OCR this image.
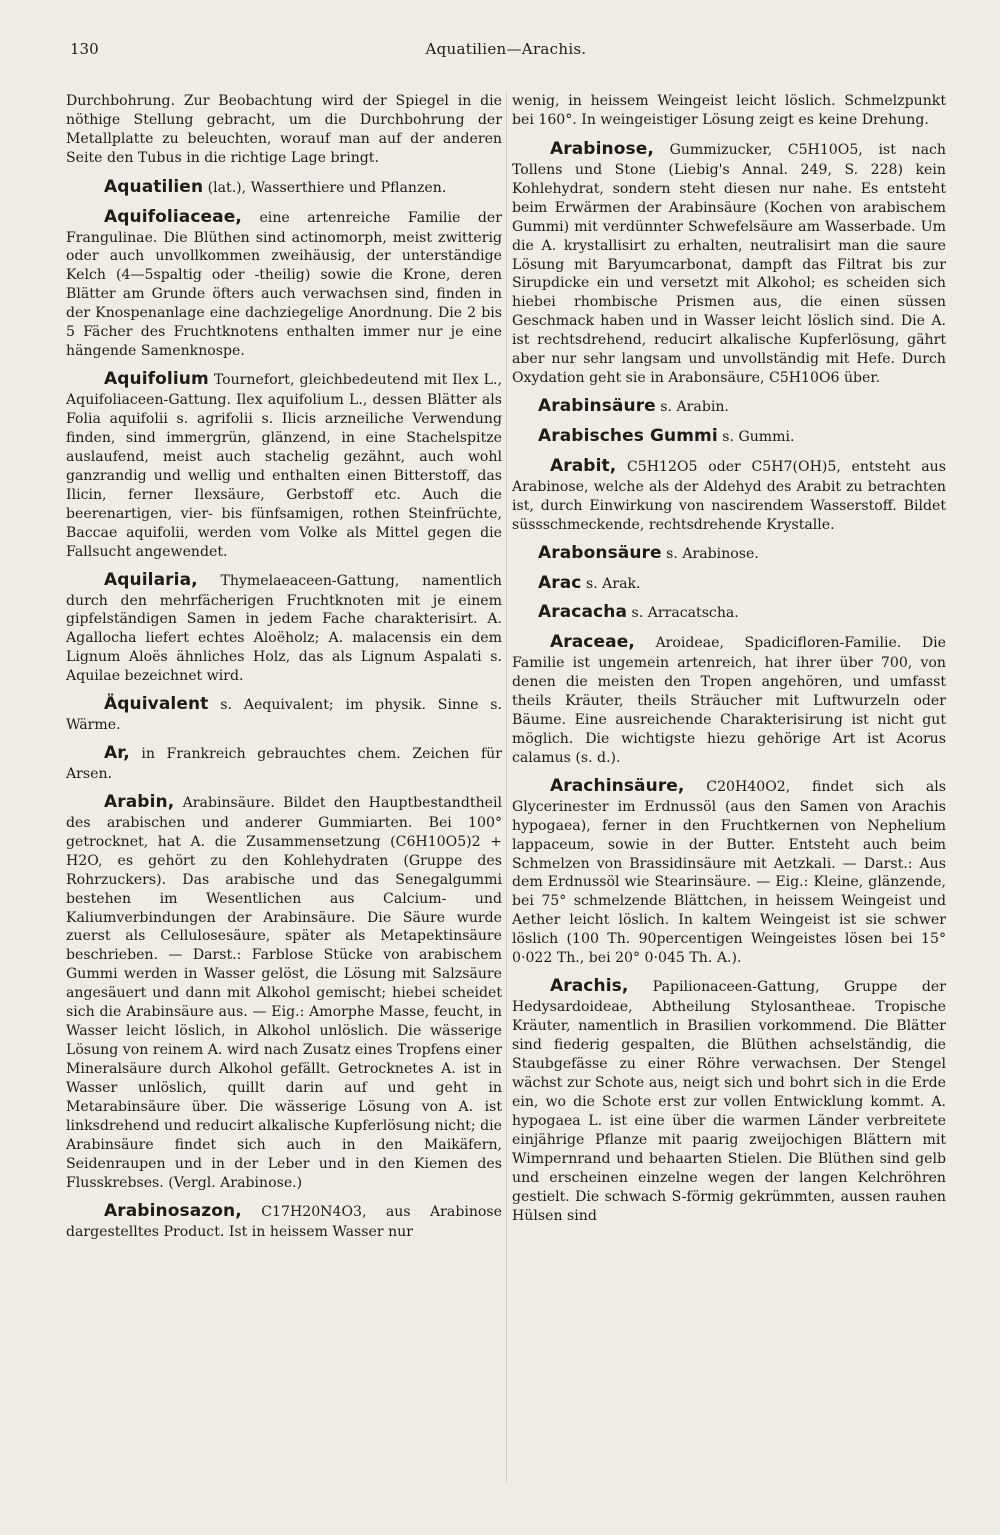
130	Aquatilien—Arachis.

Durchbohrung. Zur Beobachtung wird der Spiegel in die nöthige Stellung gebracht, um die Durchbohrung der Metallplatte zu beleuchten, worauf man auf der anderen Seite den Tubus in die richtige Lage bringt.

Aquatilien (lat.), Wasserthiere und Pflanzen.

Aquifoliaceae, eine artenreiche Familie der Frangulinae. Die Blüthen sind actinomorph, meist zwitterig oder auch unvollkommen zweihäusig, der unterständige Kelch (4—5spaltig oder -theilig) sowie die Krone, deren Blätter am Grunde öfters auch verwachsen sind, finden in der Knospenanlage eine dachziegelige Anordnung. Die 2 bis 5 Fächer des Fruchtknotens enthalten immer nur je eine hängende Samenknospe.

Aquifolium Tournefort, gleichbedeutend mit Ilex L., Aquifoliaceen-Gattung. Ilex aquifolium L., dessen Blätter als Folia aquifolii s. agrifolii s. Ilicis arzneiliche Verwendung finden, sind immergrün, glänzend, in eine Stachelspitze auslaufend, meist auch stachelig gezähnt, auch wohl ganzrandig und wellig und enthalten einen Bitterstoff, das Ilicin, ferner Ilexsäure, Gerbstoff etc. Auch die beerenartigen, vier- bis fünfsamigen, rothen Steinfrüchte, Baccae aquifolii, werden vom Volke als Mittel gegen die Fallsucht angewendet.

Aquilaria, Thymelaeaceen-Gattung, namentlich durch den mehrfächerigen Fruchtknoten mit je einem gipfelständigen Samen in jedem Fache charakterisirt. A. Agallocha liefert echtes Aloëholz; A. malacensis ein dem Lignum Aloës ähnliches Holz, das als Lignum Aspalati s. Aquilae bezeichnet wird.

Äquivalent s. Aequivalent; im physik. Sinne s. Wärme.

Ar, in Frankreich gebrauchtes chem. Zeichen für Arsen.

Arabin, Arabinsäure. Bildet den Hauptbestandtheil des arabischen und anderer Gummiarten. Bei 100° getrocknet, hat A. die Zusammensetzung (C6H10O5)2 + H2O, es gehört zu den Kohlehydraten (Gruppe des Rohrzuckers). Das arabische und das Senegalgummi bestehen im Wesentlichen aus Calcium- und Kaliumverbindungen der Arabinsäure. Die Säure wurde zuerst als Cellulosesäure, später als Metapektinsäure beschrieben. — Darst.: Farblose Stücke von arabischem Gummi werden in Wasser gelöst, die Lösung mit Salzsäure angesäuert und dann mit Alkohol gemischt; hiebei scheidet sich die Arabinsäure aus. — Eig.: Amorphe Masse, feucht, in Wasser leicht löslich, in Alkohol unlöslich. Die wässerige Lösung von reinem A. wird nach Zusatz eines Tropfens einer Mineralsäure durch Alkohol gefällt. Getrocknetes A. ist in Wasser unlöslich, quillt darin auf und geht in Metarabinsäure über. Die wässerige Lösung von A. ist linksdrehend und reducirt alkalische Kupferlösung nicht; die Arabinsäure findet sich auch in den Maikäfern, Seidenraupen und in der Leber und in den Kiemen des Flusskrebses. (Vergl. Arabinose.)

Arabinosazon, C17H20N4O3, aus Arabinose dargestelltes Product. Ist in heissem Wasser nur

wenig, in heissem Weingeist leicht löslich. Schmelzpunkt bei 160°. In weingeistiger Lösung zeigt es keine Drehung.

Arabinose, Gummizucker, C5H10O5, ist nach Tollens und Stone (Liebig's Annal. 249, S. 228) kein Kohlehydrat, sondern steht diesen nur nahe. Es entsteht beim Erwärmen der Arabinsäure (Kochen von arabischem Gummi) mit verdünnter Schwefelsäure am Wasserbade. Um die A. krystallisirt zu erhalten, neutralisirt man die saure Lösung mit Baryumcarbonat, dampft das Filtrat bis zur Sirupdicke ein und versetzt mit Alkohol; es scheiden sich hiebei rhombische Prismen aus, die einen süssen Geschmack haben und in Wasser leicht löslich sind. Die A. ist rechtsdrehend, reducirt alkalische Kupferlösung, gährt aber nur sehr langsam und unvollständig mit Hefe. Durch Oxydation geht sie in Arabonsäure, C5H10O6 über.

Arabinsäure s. Arabin.

Arabisches Gummi s. Gummi.

Arabit, C5H12O5 oder C5H7(OH)5, entsteht aus Arabinose, welche als der Aldehyd des Arabit zu betrachten ist, durch Einwirkung von nascirendem Wasserstoff. Bildet süssschmeckende, rechtsdrehende Krystalle.

Arabonsäure s. Arabinose.

Arac s. Arak.

Aracacha s. Arracatscha.

Araceae, Aroideae, Spadicifloren-Familie. Die Familie ist ungemein artenreich, hat ihrer über 700, von denen die meisten den Tropen angehören, und umfasst theils Kräuter, theils Sträucher mit Luftwurzeln oder Bäume. Eine ausreichende Charakterisirung ist nicht gut möglich. Die wichtigste hiezu gehörige Art ist Acorus calamus (s. d.).

Arachinsäure, C20H40O2, findet sich als Glycerinester im Erdnussöl (aus den Samen von Arachis hypogaea), ferner in den Fruchtkernen von Nephelium lappaceum, sowie in der Butter. Entsteht auch beim Schmelzen von Brassidinsäure mit Aetzkali. — Darst.: Aus dem Erdnussöl wie Stearinsäure. — Eig.: Kleine, glänzende, bei 75° schmelzende Blättchen, in heissem Weingeist und Aether leicht löslich. In kaltem Weingeist ist sie schwer löslich (100 Th. 90percentigen Weingeistes lösen bei 15° 0·022 Th., bei 20° 0·045 Th. A.).

Arachis, Papilionaceen-Gattung, Gruppe der Hedysardoideae, Abtheilung Stylosantheae. Tropische Kräuter, namentlich in Brasilien vorkommend. Die Blätter sind fiederig gespalten, die Blüthen achselständig, die Staubgefässe zu einer Röhre verwachsen. Der Stengel wächst zur Schote aus, neigt sich und bohrt sich in die Erde ein, wo die Schote erst zur vollen Entwicklung kommt. A. hypogaea L. ist eine über die warmen Länder verbreitete einjährige Pflanze mit paarig zweijochigen Blättern mit Wimpernrand und behaarten Stielen. Die Blüthen sind gelb und erscheinen einzelne wegen der langen Kelchröhren gestielt. Die schwach S-förmig gekrümmten, aussen rauhen Hülsen sind
